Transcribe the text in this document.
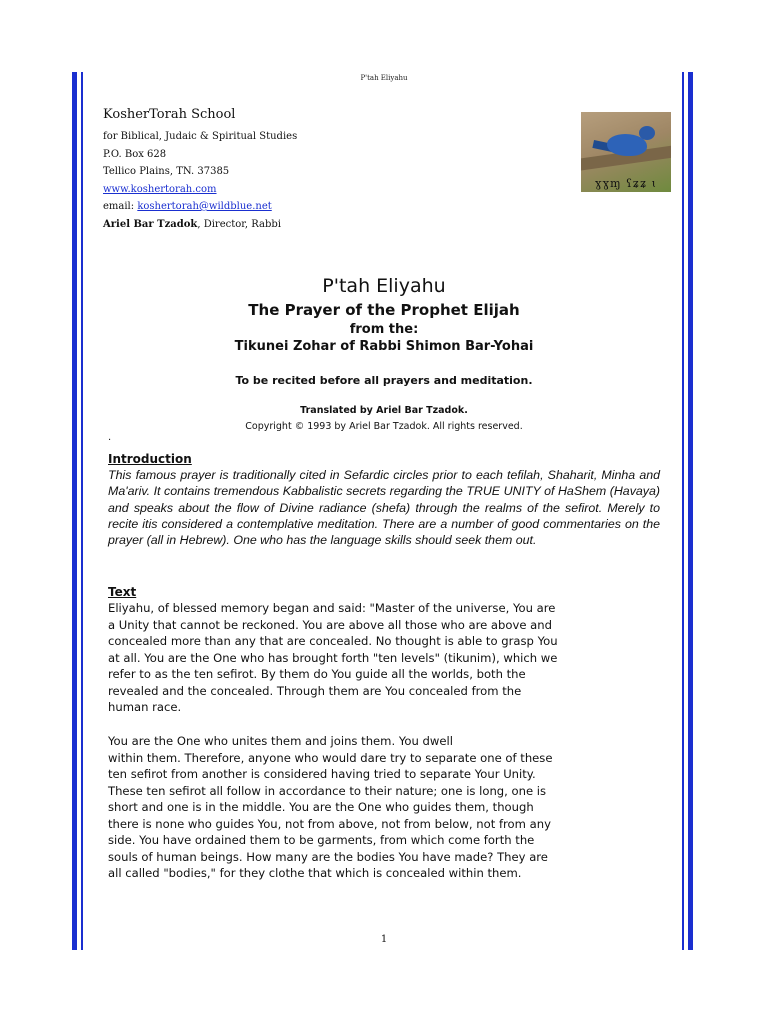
P'tah Eliyahu
KosherTorah School
for Biblical, Judaic & Spiritual Studies
P.O. Box 628
Tellico Plains, TN. 37385
www.koshertorah.com
email: koshertorah@wildblue.net
Ariel Bar Tzadok, Director, Rabbi
ɣɣɱ ʕʑʑ ɩ
P'tah Eliyahu
The Prayer of the Prophet Elijah
from the:
Tikunei Zohar of Rabbi Shimon Bar-Yohai
To be recited before all prayers and meditation.
Translated by Ariel Bar Tzadok.
Copyright © 1993 by Ariel Bar Tzadok. All rights reserved.
.
Introduction

This famous prayer is traditionally cited in Sefardic circles prior to each tefilah, Shaharit, Minha and Ma'ariv. It contains tremendous Kabbalistic secrets regarding the TRUE UNITY of HaShem (Havaya) and speaks about the flow of Divine radiance (shefa) through the realms of the sefirot. Merely to recite itis considered a contemplative meditation. There are a number of good commentaries on the prayer (all in Hebrew). One who has the language skills should seek them out.

Text

Eliyahu, of blessed memory began and said: "Master of the universe, You are
a Unity that cannot be reckoned. You are above all those who are above and
concealed more than any that are concealed. No thought is able to grasp You
at all. You are the One who has brought forth "ten levels" (tikunim), which we
refer to as the ten sefirot. By them do You guide all the worlds, both the
revealed and the concealed. Through them are You concealed from the
human race.

You are the One who unites them and joins them. You dwell
within them. Therefore, anyone who would dare try to separate one of these
ten sefirot from another is considered having tried to separate Your Unity.
These ten sefirot all follow in accordance to their nature; one is long, one is
short and one is in the middle. You are the One who guides them, though
there is none who guides You, not from above, not from below, not from any
side. You have ordained them to be garments, from which come forth the
souls of human beings. How many are the bodies You have made? They are
all called "bodies," for they clothe that which is concealed within them.

1
